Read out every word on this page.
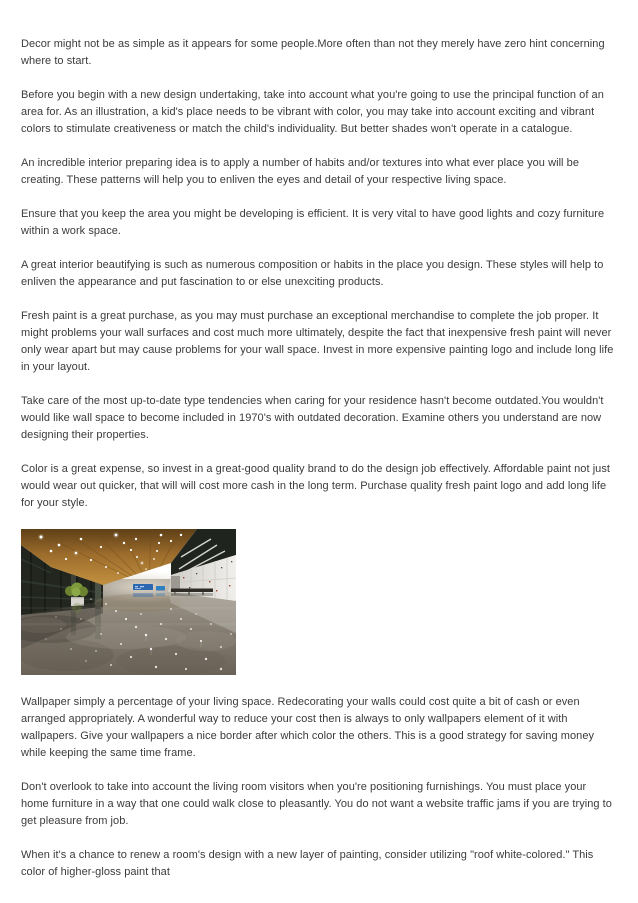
Decor might not be as simple as it appears for some people.More often than not they merely have zero hint concerning where to start.

Before you begin with a new design undertaking, take into account what you're going to use the principal function of an area for. As an illustration, a kid's place needs to be vibrant with color, you may take into account exciting and vibrant colors to stimulate creativeness or match the child's individuality. But better shades won't operate in a catalogue.

An incredible interior preparing idea is to apply a number of habits and/or textures into what ever place you will be creating. These patterns will help you to enliven the eyes and detail of your respective living space.

Ensure that you keep the area you might be developing is efficient. It is very vital to have good lights and cozy furniture within a work space.

A great interior beautifying is such as numerous composition or habits in the place you design. These styles will help to enliven the appearance and put fascination to or else unexciting products.

Fresh paint is a great purchase, as you may must purchase an exceptional merchandise to complete the job proper. It might problems your wall surfaces and cost much more ultimately, despite the fact that inexpensive fresh paint will never only wear apart but may cause problems for your wall space. Invest in more expensive painting logo and include long life in your layout.

Take care of the most up-to-date type tendencies when caring for your residence hasn't become outdated.You wouldn't would like wall space to become included in 1970's with outdated decoration. Examine others you understand are now designing their properties.

Color is a great expense, so invest in a great-good quality brand to do the design job effectively. Affordable paint not just would wear out quicker, that will will cost more cash in the long term. Purchase quality fresh paint logo and add long life for your style.

Wallpaper simply a percentage of your living space. Redecorating your walls could cost quite a bit of cash or even arranged appropriately. A wonderful way to reduce your cost then is always to only wallpapers element of it with wallpapers. Give your wallpapers a nice border after which color the others. This is a good strategy for saving money while keeping the same time frame.

Don't overlook to take into account the living room visitors when you're positioning furnishings. You must place your home furniture in a way that one could walk close to pleasantly. You do not want a website traffic jams if you are trying to get pleasure from job.

When it's a chance to renew a room's design with a new layer of painting, consider utilizing "roof white-colored." This color of higher-gloss paint that
